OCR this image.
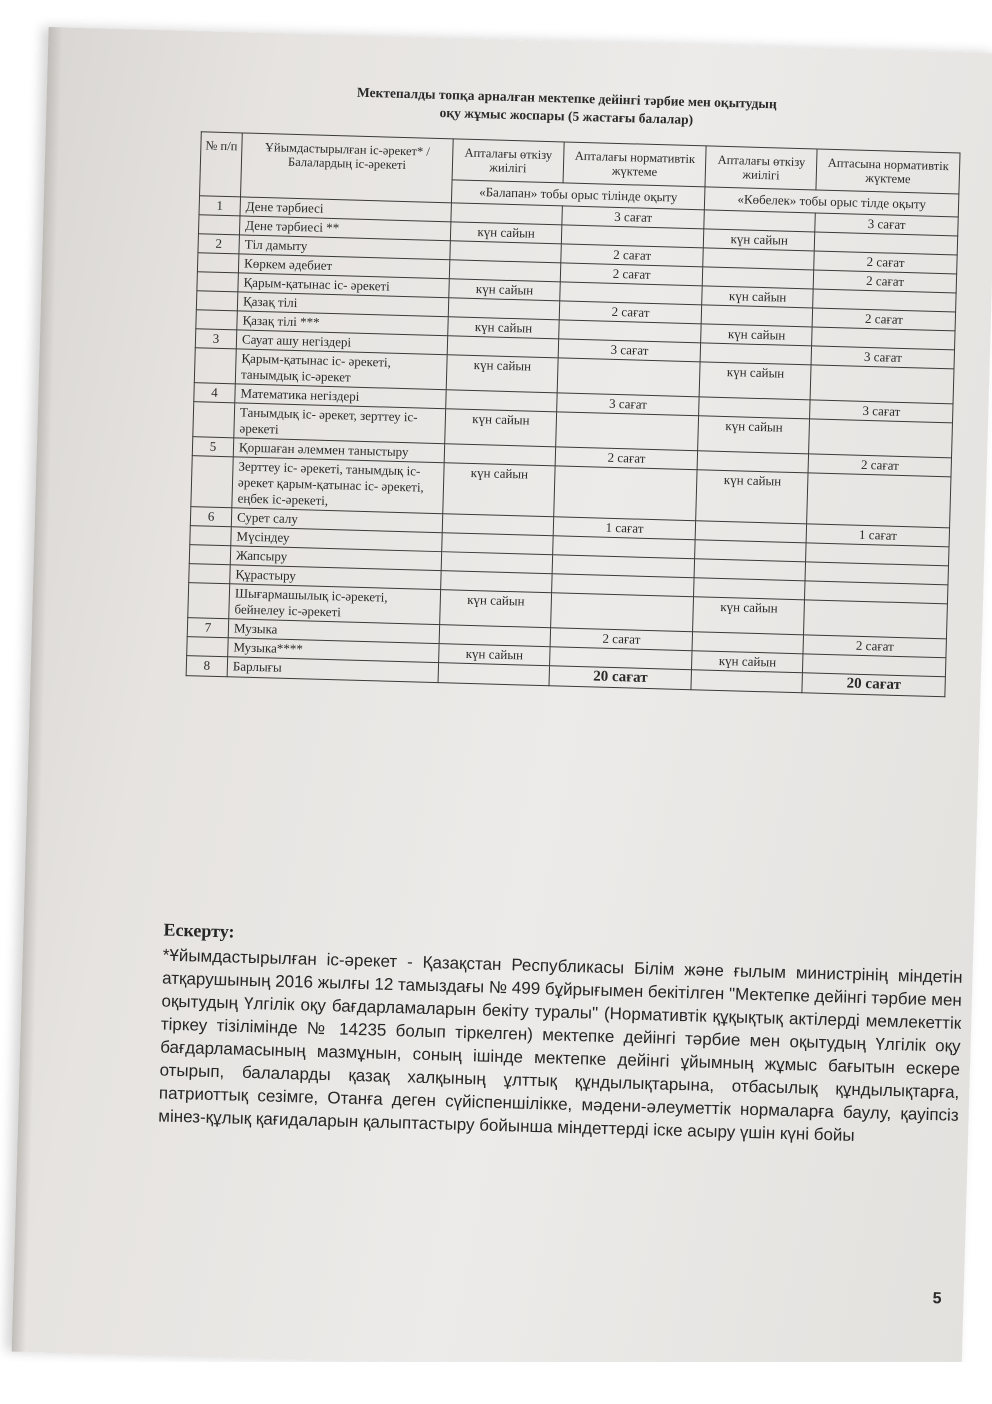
Мектепалды топқа арналған мектепке дейінгі тәрбие мен оқытудың
оқу жұмыс жоспары (5 жастағы балалар)
№ п/п	Ұйымдастырылған іс-әрекет* /Балалардың іс-әрекеті	Апталағы өткізу жиілігі	Апталағы нормативтік жүктеме	Апталағы өткізу жиілігі	Аптасына нормативтік жүктеме
		«Балапан» тобы орыс тілінде оқыту		«Көбелек» тобы орыс тілде оқыту	
1	Дене тәрбиесі		3 сағат		3 сағат
	Дене тәрбиесі **	күн сайын		күн сайын	
2	Тіл дамыту		2 сағат		2 сағат
	Көркем әдебиет		2 сағат		2 сағат
	Қарым-қатынас іс- әрекеті	күн сайын		күн сайын	
	Қазақ тілі		2 сағат		2 сағат
	Қазақ тілі ***	күн сайын		күн сайын	
3	Сауат ашу негіздері		3 сағат		3 сағат
	Қарым-қатынас іс- әрекеті, танымдық іс-әрекет	күн сайын		күн сайын	
4	Математика негіздері		3 сағат		3 сағат
	Танымдық іс- әрекет, зерттеу іс- әрекеті	күн сайын		күн сайын	
5	Қоршаған әлеммен таныстыру		2 сағат		2 сағат
	Зерттеу іс- әрекеті, танымдық іс- әрекет қарым-қатынас іс- әрекеті, еңбек іс-әрекеті,	күн сайын		күн сайын	
6	Сурет салу		1 сағат		1 сағат
	Мүсіндеу				
	Жапсыру				
	Құрастыру				
	Шығармашылық іс-әрекеті, бейнелеу іс-әрекеті	күн сайын		күн сайын	
7	Музыка		2 сағат		2 сағат
	Музыка****	күн сайын		күн сайын	
8	Барлығы		20 сағат		20 сағат
Ескерту:
*Ұйымдастырылған іс-әрекет - Қазақстан Республикасы Білім және ғылым министрінің міндетін атқарушының 2016 жылғы 12 тамыздағы № 499 бұйрығымен бекітілген "Мектепке дейінгі тәрбие мен оқытудың Үлгілік оқу бағдарламаларын бекіту туралы" (Нормативтік құқықтық актілерді мемлекеттік тіркеу тізілімінде № 14235 болып тіркелген) мектепке дейінгі тәрбие мен оқытудың Үлгілік оқу бағдарламасының мазмұнын, соның ішінде мектепке дейінгі ұйымның жұмыс бағытын ескере отырып, балаларды қазақ халқының ұлттық құндылықтарына, отбасылық құндылықтарға, патриоттық сезімге, Отанға деген сүйіспеншілікке, мәдени-әлеуметтік нормаларға баулу, қауіпсіз мінез-құлық қағидаларын қалыптастыру бойынша міндеттерді іске асыру үшін күні бойы
5
